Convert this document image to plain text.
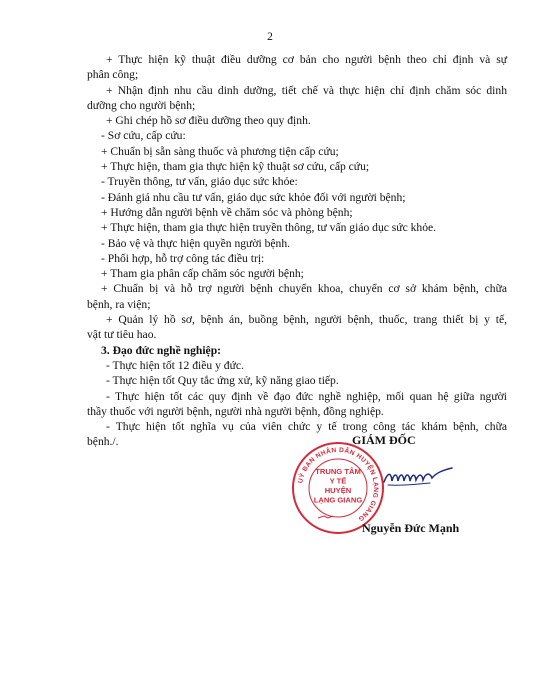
2
+ Thực hiện kỹ thuật điều dưỡng cơ bản cho người bệnh theo chỉ định và sự
phân công;
+ Nhận định nhu cầu dinh dưỡng, tiết chế và thực hiện chỉ định chăm sóc dinh
dưỡng cho người bệnh;
+ Ghi chép hồ sơ điều dưỡng theo quy định.
- Sơ cứu, cấp cứu:
+ Chuẩn bị sẵn sàng thuốc và phương tiện cấp cứu;
+ Thực hiện, tham gia thực hiện kỹ thuật sơ cứu, cấp cứu;
- Truyền thông, tư vấn, giáo dục sức khỏe:
- Đánh giá nhu cầu tư vấn, giáo dục sức khỏe đối với người bệnh;
+ Hướng dẫn người bệnh về chăm sóc và phòng bệnh;
+ Thực hiện, tham gia thực hiện truyền thông, tư vấn giáo dục sức khỏe.
- Bảo vệ và thực hiện quyền người bệnh.
- Phối hợp, hỗ trợ công tác điều trị:
+ Tham gia phân cấp chăm sóc người bệnh;
+ Chuẩn bị và hỗ trợ người bệnh chuyển khoa, chuyển cơ sở khám bệnh, chữa
bệnh, ra viện;
+ Quản lý hồ sơ, bệnh án, buồng bệnh, người bệnh, thuốc, trang thiết bị y tế,
vật tư tiêu hao.
3. Đạo đức nghề nghiệp:
- Thực hiện tốt 12 điều y đức.
- Thực hiện tốt Quy tắc ứng xử, kỹ năng giao tiếp.
- Thực hiện tốt các quy định về đạo đức nghề nghiệp, mối quan hệ giữa người
thầy thuốc với người bệnh, người nhà người bệnh, đồng nghiệp.
- Thực hiện tốt nghĩa vụ của viên chức y tế trong công tác khám bệnh, chữa
bệnh./.	GIÁM ĐỐC
UỶ BAN NHÂN DÂN HUYỆN LẠNG GIANG
TRUNG TÂM Y TẾ HUYỆN LẠNG GIANG
Nguyễn Đức Mạnh
